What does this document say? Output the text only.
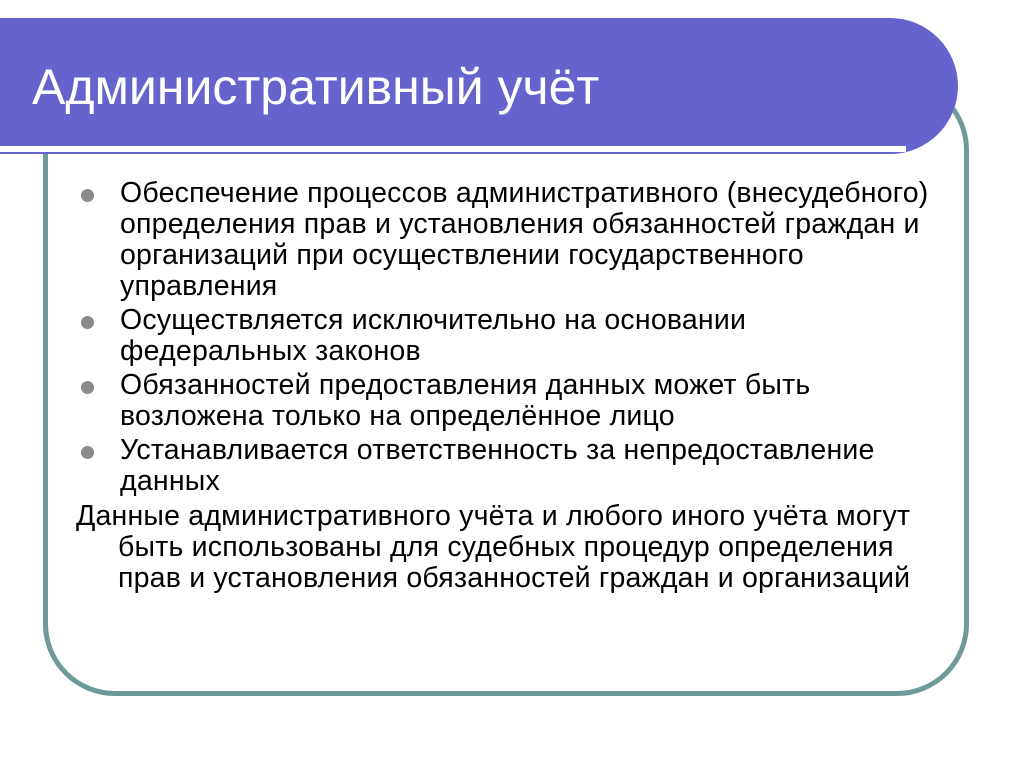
Административный учёт
Обеспечение процессов административного (внесудебного) определения прав и установления обязанностей граждан и организаций при осуществлении государственного управления
Осуществляется исключительно на основании федеральных законов
Обязанностей предоставления данных может быть возложена только на определённое лицо
Устанавливается ответственность за непредоставление данных

Данные административного учёта и любого иного учёта могут быть использованы для судебных процедур определения прав и установления обязанностей граждан и организаций
